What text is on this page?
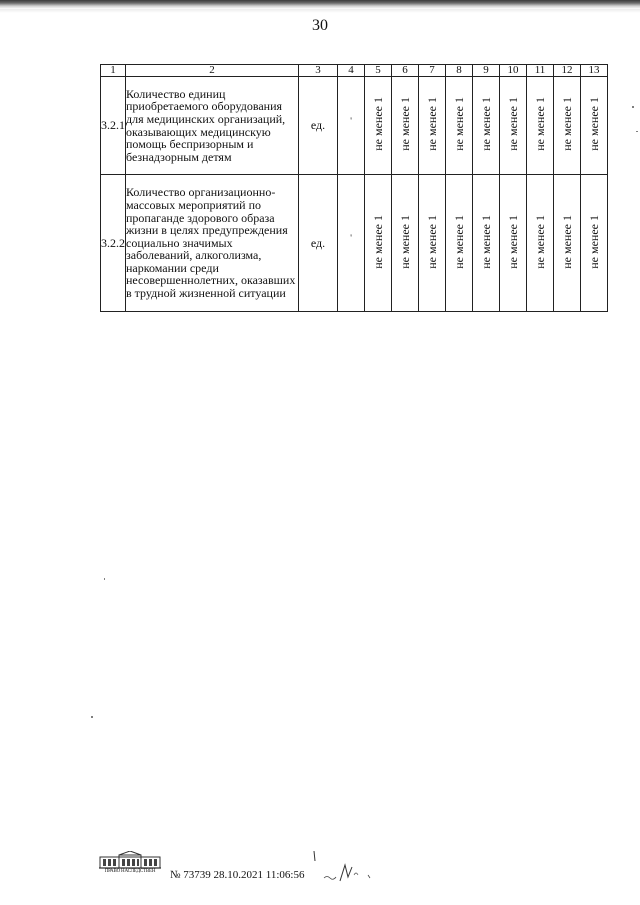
30
1	2	3	4	5	6	7	8	9	10	11	12	13
3.2.1	Количество единиц приобретаемого оборудования для медицинских организаций, оказывающих медицинскую помощь беспризорным и безнадзорным детям	ед.	'	не менее 1	не менее 1	не менее 1	не менее 1	не менее 1	не менее 1	не менее 1	не менее 1	не менее 1
3.2.2	Количество организационно-массовых мероприятий по пропаганде здорового образа жизни в целях предупреждения социально значимых заболеваний, алкоголизма, наркомании среди несовершеннолетних, оказавших в трудной жизненной ситуации	ед.	'	не менее 1	не менее 1	не менее 1	не менее 1	не менее 1	не менее 1	не менее 1	не менее 1	не менее 1
ПРАВО НАСЛЕДСТВЕН	№ 73739 28.10.2021 11:06:56
